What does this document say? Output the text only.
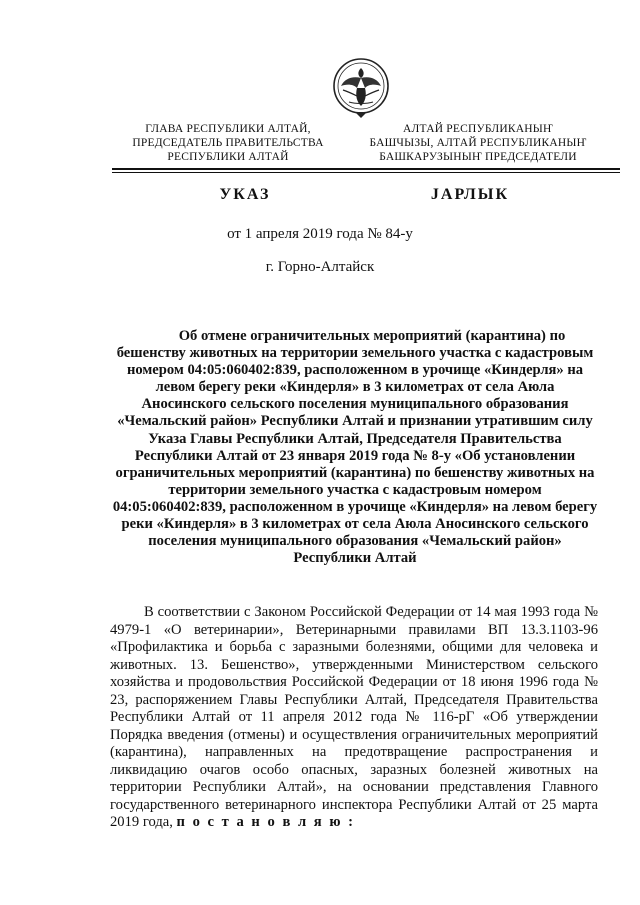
ГЛАВА РЕСПУБЛИКИ АЛТАЙ,
ПРЕДСЕДАТЕЛЬ ПРАВИТЕЛЬСТВА
РЕСПУБЛИКИ АЛТАЙ
АЛТАЙ РЕСПУБЛИКАНЫҤ
БАШЧЫЗЫ, АЛТАЙ РЕСПУБЛИКАНЫҤ
БАШКАРУЗЫНЫҤ ПРЕДСЕДАТЕЛИ
УКАЗ	JАРЛЫК
от 1 апреля 2019 года № 84-у
г. Горно-Алтайск
Об отмене ограничительных мероприятий (карантина) по бешенству животных на территории земельного участка с кадастровым номером 04:05:060402:839, расположенном в урочище «Киндерля» на левом берегу реки «Киндерля» в 3 километрах от села Аюла Аносинского сельского поселения муниципального образования «Чемальский район» Республики Алтай и признании утратившим силу Указа Главы Республики Алтай, Председателя Правительства Республики Алтай от 23 января 2019 года № 8-у «Об установлении ограничительных мероприятий (карантина) по бешенству животных на территории земельного участка с кадастровым номером 04:05:060402:839, расположенном в урочище «Киндерля» на левом берегу реки «Киндерля» в 3 километрах от села Аюла Аносинского сельского поселения муниципального образования «Чемальский район» Республики Алтай
В соответствии с Законом Российской Федерации от 14 мая 1993 года № 4979-1 «О ветеринарии», Ветеринарными правилами ВП 13.3.1103-96 «Профилактика и борьба с заразными болезнями, общими для человека и животных. 13. Бешенство», утвержденными Министерством сельского хозяйства и продовольствия Российской Федерации от 18 июня 1996 года № 23, распоряжением Главы Республики Алтай, Председателя Правительства Республики Алтай от 11 апреля 2012 года № 116-рГ «Об утверждении Порядка введения (отмены) и осуществления ограничительных мероприятий (карантина), направленных на предотвращение распространения и ликвидацию очагов особо опасных, заразных болезней животных на территории Республики Алтай», на основании представления Главного государственного ветеринарного инспектора Республики Алтай от 25 марта 2019 года, п о с т а н о в л я ю :
